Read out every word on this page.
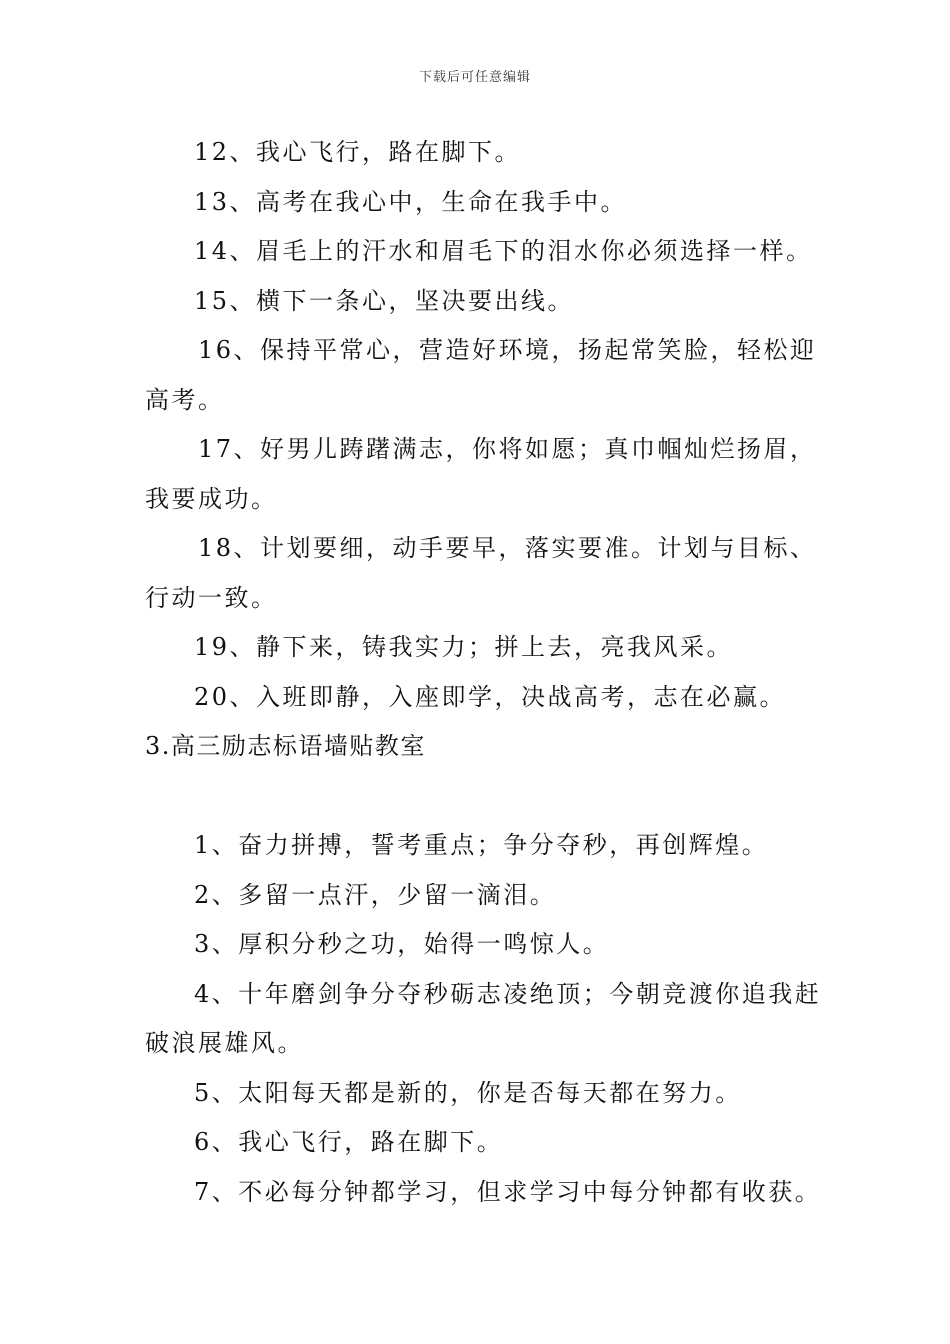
下载后可任意编辑
12、我心飞行，路在脚下。
13、高考在我心中，生命在我手中。
14、眉毛上的汗水和眉毛下的泪水你必须选择一样。
15、横下一条心，坚决要出线。
16、保持平常心，营造好环境，扬起常笑脸，轻松迎
高考。
17、好男儿踌躇满志，你将如愿；真巾帼灿烂扬眉，
我要成功。
18、计划要细，动手要早，落实要准。计划与目标、
行动一致。
19、静下来，铸我实力；拼上去，亮我风采。
20、入班即静，入座即学，决战高考，志在必赢。
3.高三励志标语墙贴教室
1、奋力拼搏，誓考重点；争分夺秒，再创辉煌。
2、多留一点汗，少留一滴泪。
3、厚积分秒之功，始得一鸣惊人。
4、十年磨剑争分夺秒砺志凌绝顶；今朝竞渡你追我赶
破浪展雄风。
5、太阳每天都是新的，你是否每天都在努力。
6、我心飞行，路在脚下。
7、不必每分钟都学习，但求学习中每分钟都有收获。
